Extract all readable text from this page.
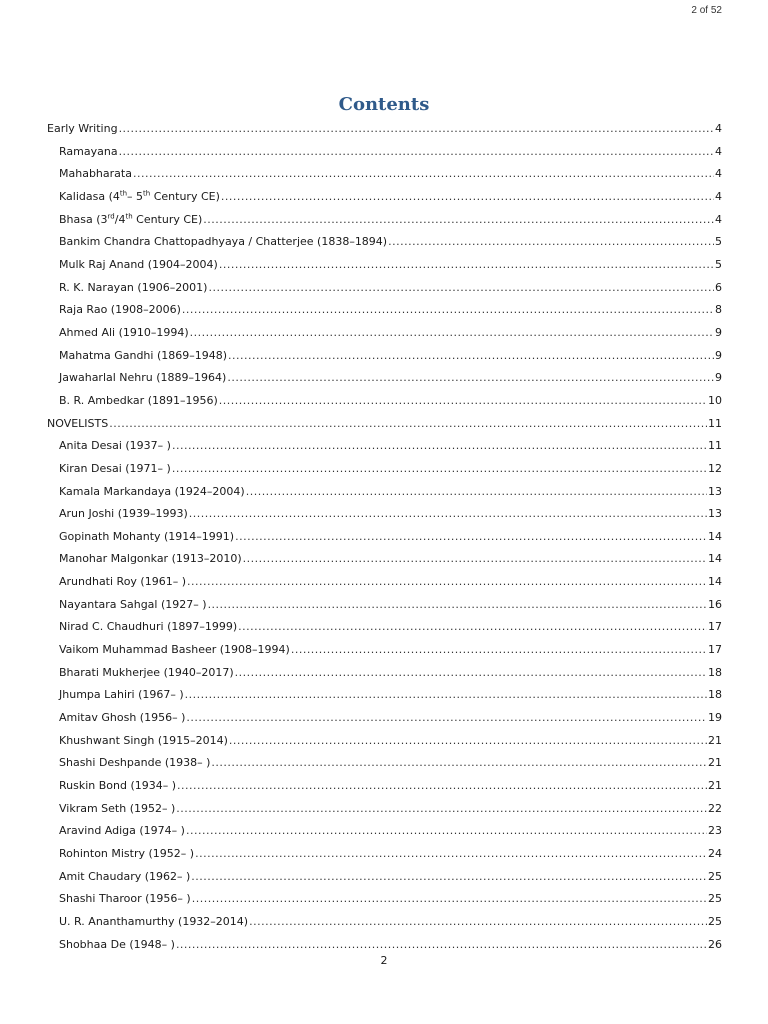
2 of 52
Contents
Early Writing .....	4
Ramayana .....	4
Mahabharata .....	4
Kalidasa (4th– 5th Century CE) .....	4
Bhasa (3rd/4th Century CE) .....	4
Bankim Chandra Chattopadhyaya / Chatterjee (1838–1894) .....	5
Mulk Raj Anand (1904–2004) .....	5
R. K. Narayan (1906–2001) .....	6
Raja Rao (1908–2006) .....	8
Ahmed Ali (1910–1994) .....	9
Mahatma Gandhi (1869–1948) .....	9
Jawaharlal Nehru (1889–1964) .....	9
B. R. Ambedkar (1891–1956) .....	10
NOVELISTS .....	11
Anita Desai (1937– ) .....	11
Kiran Desai (1971– ) .....	12
Kamala Markandaya (1924–2004) .....	13
Arun Joshi (1939–1993) .....	13
Gopinath Mohanty (1914–1991) .....	14
Manohar Malgonkar (1913–2010) .....	14
Arundhati Roy (1961– ) .....	14
Nayantara Sahgal (1927– ) .....	16
Nirad C. Chaudhuri (1897–1999) .....	17
Vaikom Muhammad Basheer (1908–1994) .....	17
Bharati Mukherjee (1940–2017) .....	18
Jhumpa Lahiri (1967– ) .....	18
Amitav Ghosh (1956– ) .....	19
Khushwant Singh (1915–2014) .....	21
Shashi Deshpande (1938– ) .....	21
Ruskin Bond (1934– ) .....	21
Vikram Seth (1952– ) .....	22
Aravind Adiga (1974– ) .....	23
Rohinton Mistry (1952– ) .....	24
Amit Chaudary (1962– ) .....	25
Shashi Tharoor (1956– ) .....	25
U. R. Ananthamurthy (1932–2014) .....	25
Shobhaa De (1948– ) .....	26
2
